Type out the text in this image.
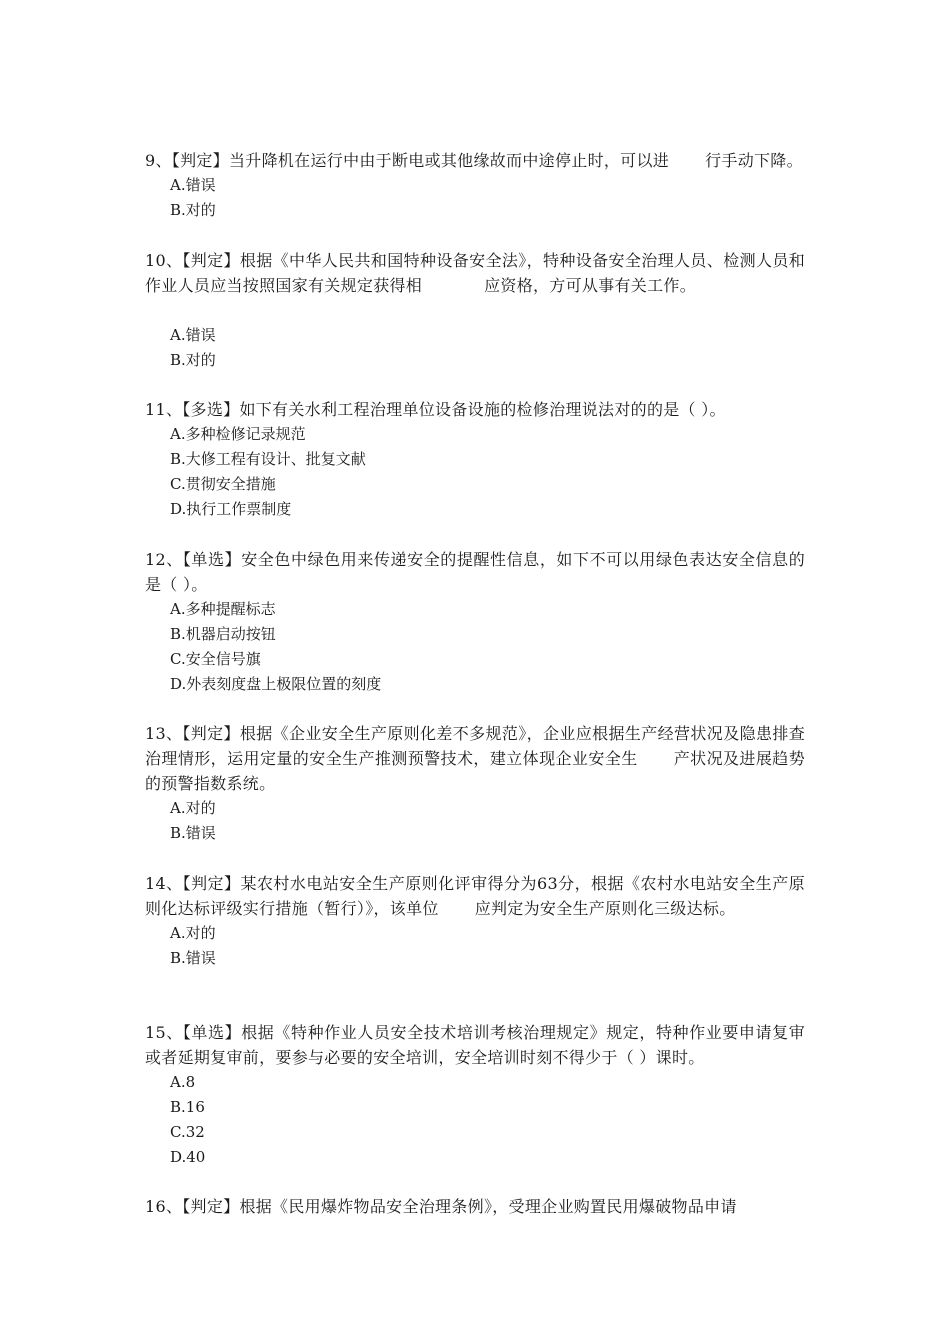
9、【判定】当升降机在运行中由于断电或其他缘故而中途停止时，可以进 行手动下降。

A.错误
B.对的

10、【判定】根据《中华人民共和国特种设备安全法》，特种设备安全治理人员、检测人员和作业人员应当按照国家有关规定获得相	应资格，方可从事有关工作。

A.错误
B.对的

11、【多选】如下有关水利工程治理单位设备设施的检修治理说法对的的是（ ）。

A.多种检修记录规范
B.大修工程有设计、批复文献
C.贯彻安全措施
D.执行工作票制度

12、【单选】安全色中绿色用来传递安全的提醒性信息，如下不可以用绿色表达安全信息的是（ ）。

A.多种提醒标志
B.机器启动按钮
C.安全信号旗
D.外表刻度盘上极限位置的刻度

13、【判定】根据《企业安全生产原则化差不多规范》，企业应根据生产经营状况及隐患排查治理情形，运用定量的安全生产推测预警技术，建立体现企业安全生 产状况及进展趋势的预警指数系统。

A.对的
B.错误

14、【判定】某农村水电站安全生产原则化评审得分为63分，根据《农村水电站安全生产原则化达标评级实行措施（暂行）》，该单位 应判定为安全生产原则化三级达标。

A.对的
B.错误

15、【单选】根据《特种作业人员安全技术培训考核治理规定》规定，特种作业要申请复审或者延期复审前，要参与必要的安全培训，安全培训时刻不得少于（ ）课时。

A.8
B.16
C.32
D.40

16、【判定】根据《民用爆炸物品安全治理条例》，受理企业购置民用爆破物品申请
